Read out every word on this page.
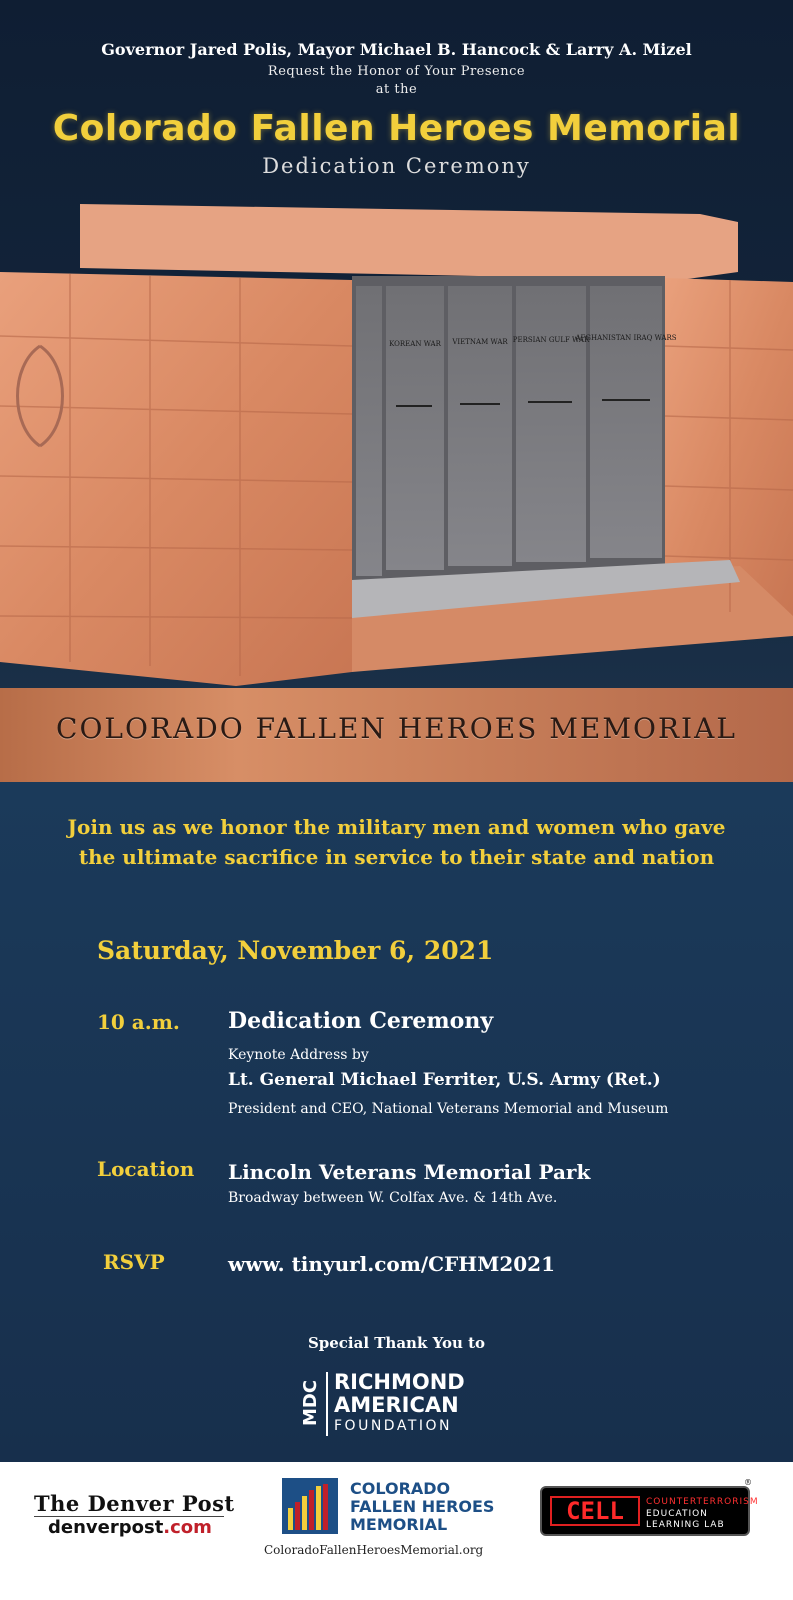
Governor Jared Polis, Mayor Michael B. Hancock & Larry A. Mizel
Request the Honor of Your Presence
at the
Colorado Fallen Heroes Memorial
Dedication Ceremony
KOREAN WAR VIETNAM WAR PERSIAN GULF WAR
AFGHANISTAN IRAQ WARS
COLORADO FALLEN HEROES MEMORIAL
Join us as we honor the military men and women who gave
the ultimate sacrifice in service to their state and nation
Saturday, November 6, 2021
10 a.m. Dedication Ceremony
Keynote Address by
Lt. General Michael Ferriter, U.S. Army (Ret.)
President and CEO, National Veterans Memorial and Museum
Location Lincoln Veterans Memorial Park
Broadway between W. Colfax Ave. & 14th Ave.
RSVP	www. tinyurl.com/CFHM2021
Special Thank You to
MDC RICHMOND
AMERICAN
FOUNDATION
The Denver Post
denverpost.com
COLORADO
FALLEN HEROES
MEMORIAL
ColoradoFallenHeroesMemorial.org
CELL	COUNTERTERRORISM
EDUCATION
LEARNING LAB
®
